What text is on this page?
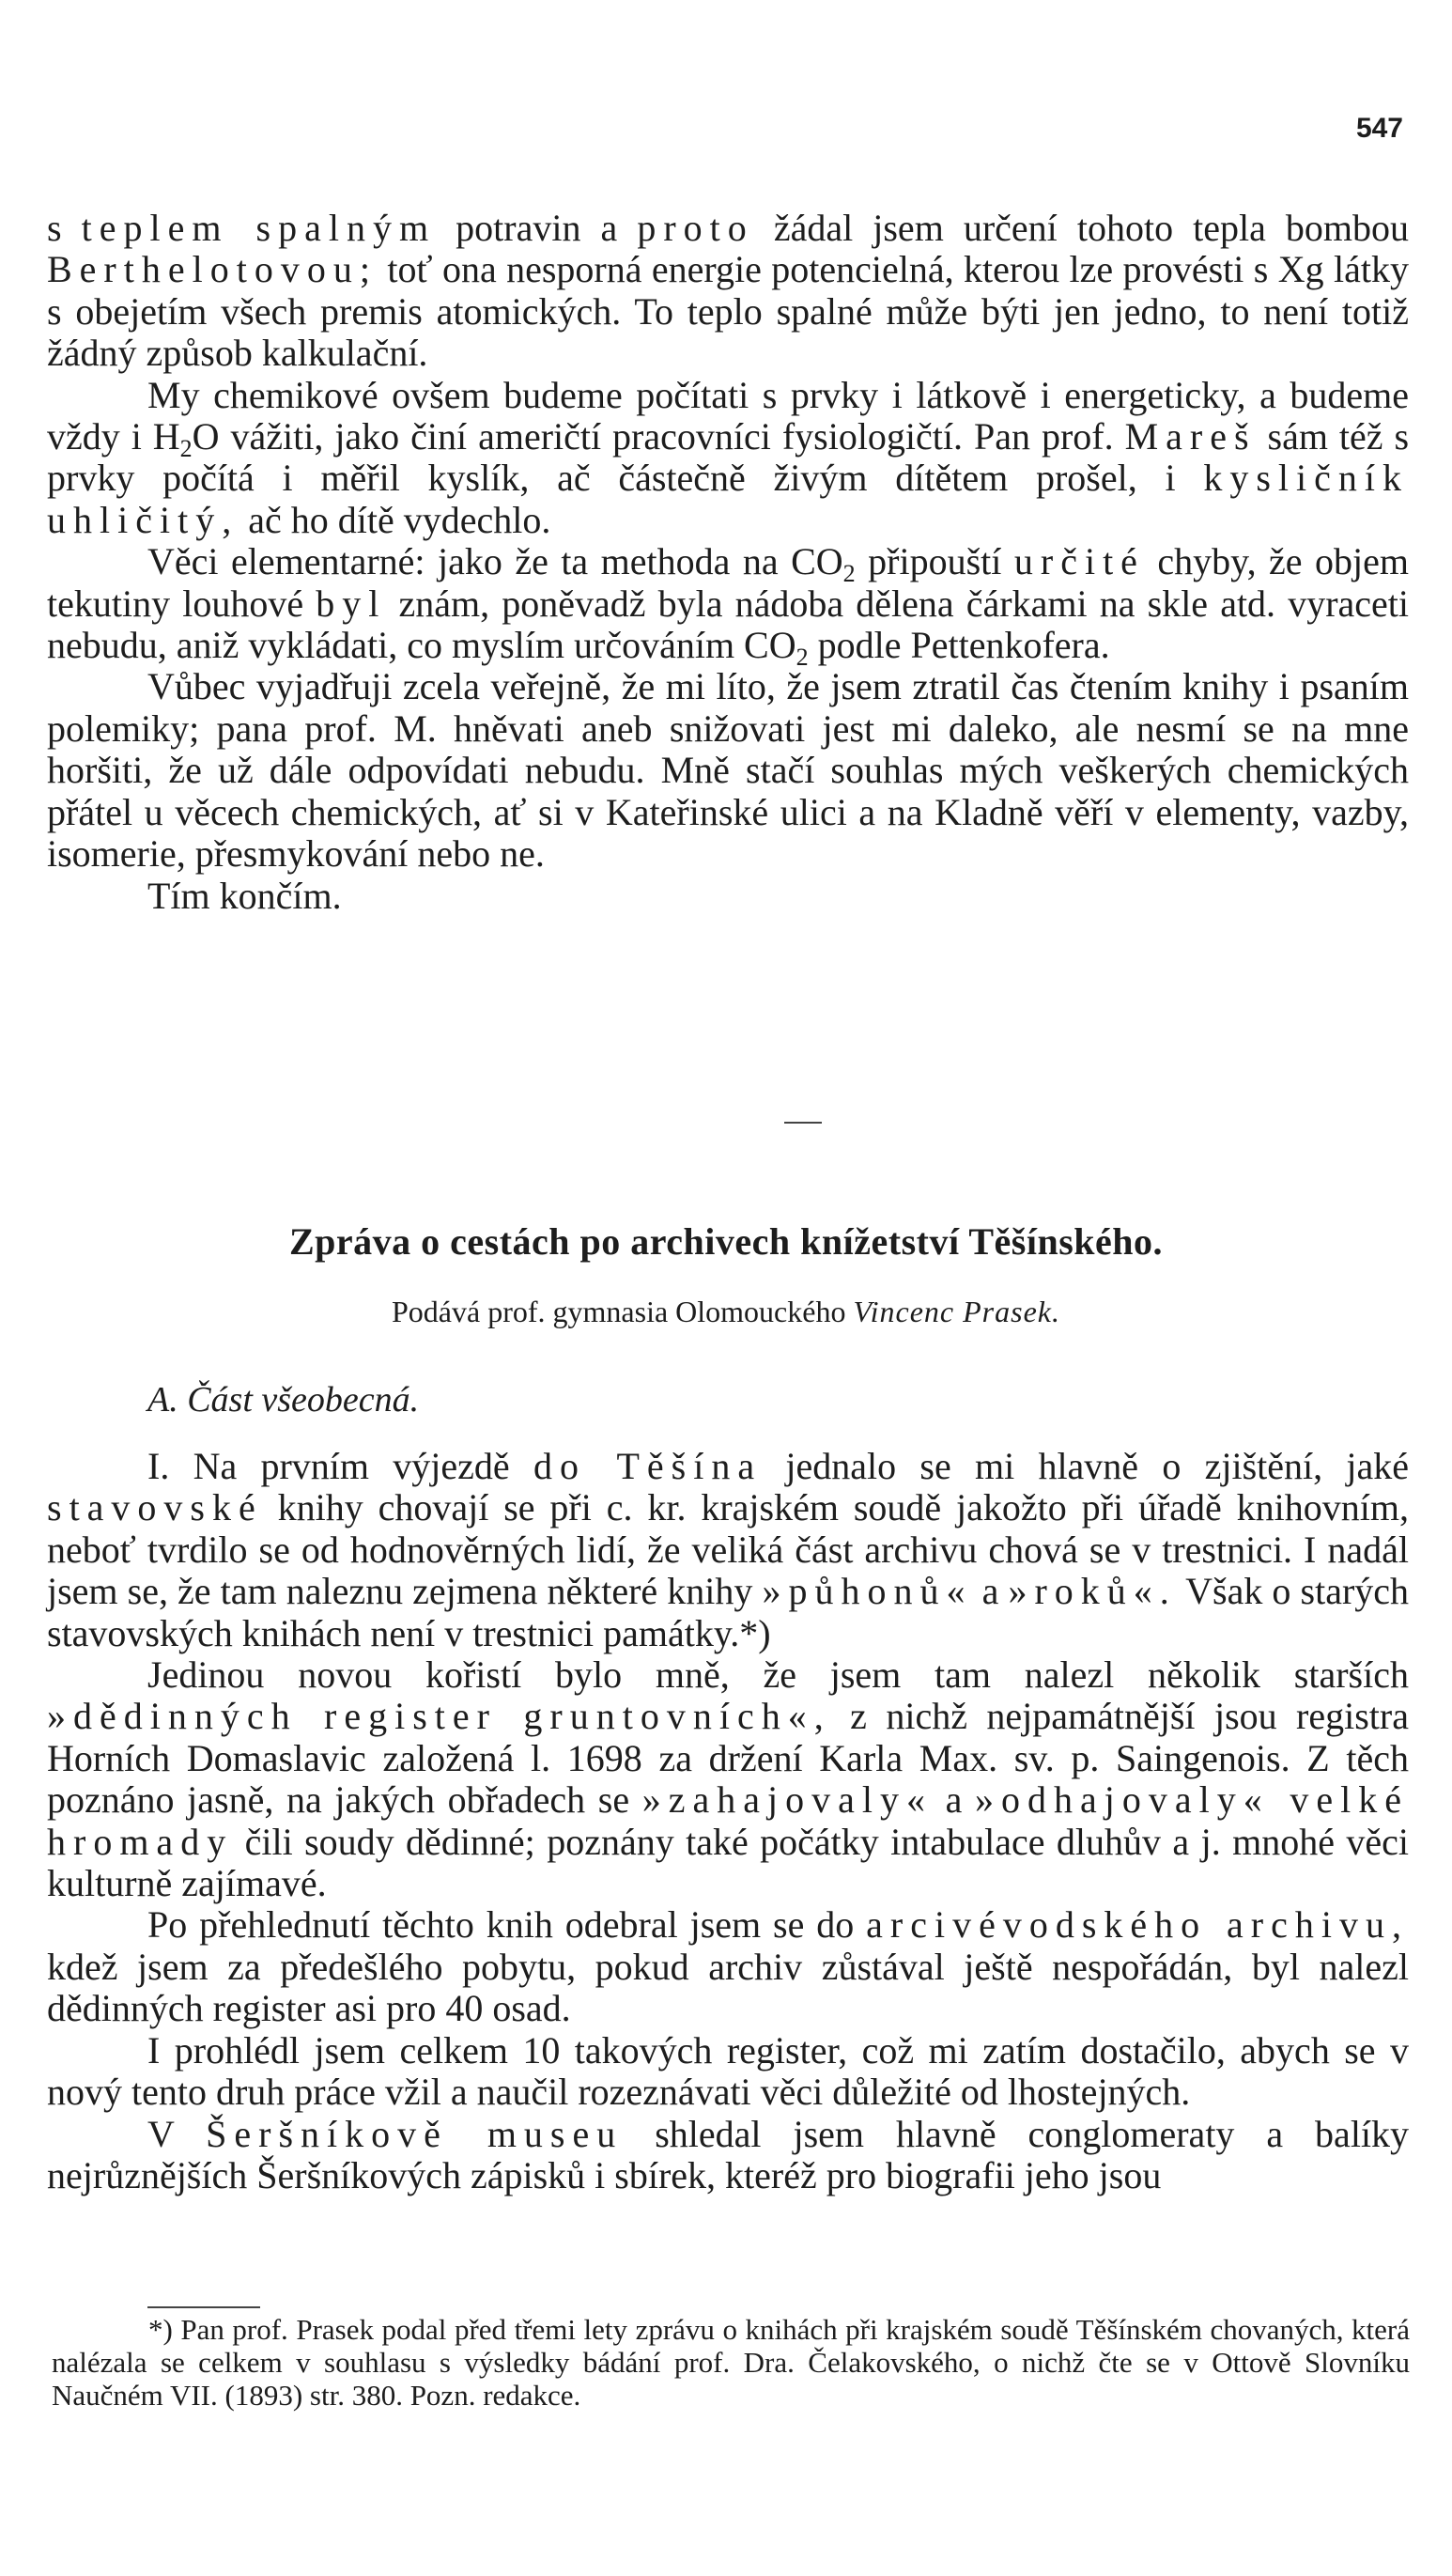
547

s teplem spalným potravin a proto žádal jsem určení tohoto tepla bombou Berthelotovou; toť ona nesporná energie potencielná, kterou lze provésti s Xg látky s obejetím všech premis atomických. To teplo spalné může býti jen jedno, to není totiž žádný způsob kalkulační.

My chemikové ovšem budeme počítati s prvky i látkově i energeticky, a budeme vždy i $H_2O$ vážiti, jako činí američtí pracovníci fysiologičtí. Pan prof. Mareš sám též s prvky počítá i měřil kyslík, ač částečně živým dítětem prošel, i kysličník uhličitý, ač ho dítě vydechlo.

Věci elementarné: jako že ta methoda na $CO_2$ připouští určité chyby, že objem tekutiny louhové byl znám, poněvadž byla nádoba dělena čárkami na skle atd. vyraceti nebudu, aniž vykládati, co myslím určováním $CO_2$ podle Pettenkofera.

Vůbec vyjadřuji zcela veřejně, že mi líto, že jsem ztratil čas čtením knihy i psaním polemiky; pana prof. M. hněvati aneb snižovati jest mi daleko, ale nesmí se na mne horšiti, že už dále odpovídati nebudu. Mně stačí souhlas mých veškerých chemických přátel u věcech chemických, ať si v Kateřinské ulici a na Kladně věří v elementy, vazby, isomerie, přesmykování nebo ne.

Tím končím.

Zpráva o cestách po archivech knížetství Těšínského.

Podává prof. gymnasia Olomouckého Vincenc Prasek.

A. Část všeobecná.

I. Na prvním výjezdě do Těšína jednalo se mi hlavně o zjištění, jaké stavovské knihy chovají se při c. kr. krajském soudě jakožto při úřadě knihovním, neboť tvrdilo se od hodnověrných lidí, že veliká část archivu chová se v trestnici. I nadál jsem se, že tam naleznu zejmena některé knihy »půhonů« a »roků«. Však o starých stavovských knihách není v trestnici památky.*)

Jedinou novou kořistí bylo mně, že jsem tam nalezl několik starších »dědinných register gruntovních«, z nichž nejpamátnější jsou registra Horních Domaslavic založená l. 1698 za držení Karla Max. sv. p. Saingenois. Z těch poznáno jasně, na jakých obřadech se »zahajovaly« a »odhajovaly« velké hromady čili soudy dědinné; poznány také počátky intabulace dluhův a j. mnohé věci kulturně zajímavé.

Po přehlednutí těchto knih odebral jsem se do arcivévodského archivu, kdež jsem za předešlého pobytu, pokud archiv zůstával ještě nespořádán, byl nalezl dědinných register asi pro 40 osad.

I prohlédl jsem celkem 10 takových register, což mi zatím dostačilo, abych se v nový tento druh práce vžil a naučil rozeznávati věci důležité od lhostejných.

V Šeršníkově museu shledal jsem hlavně conglomeraty a balíky nejrůznějších Šeršníkových zápisků i sbírek, kteréž pro biografii jeho jsou

*) Pan prof. Prasek podal před třemi lety zprávu o knihách při krajském soudě Těšínském chovaných, která nalézala se celkem v souhlasu s výsledky bádání prof. Dra. Čelakovského, o nichž čte se v Ottově Slovníku Naučném VII. (1893) str. 380. Pozn. redakce.
